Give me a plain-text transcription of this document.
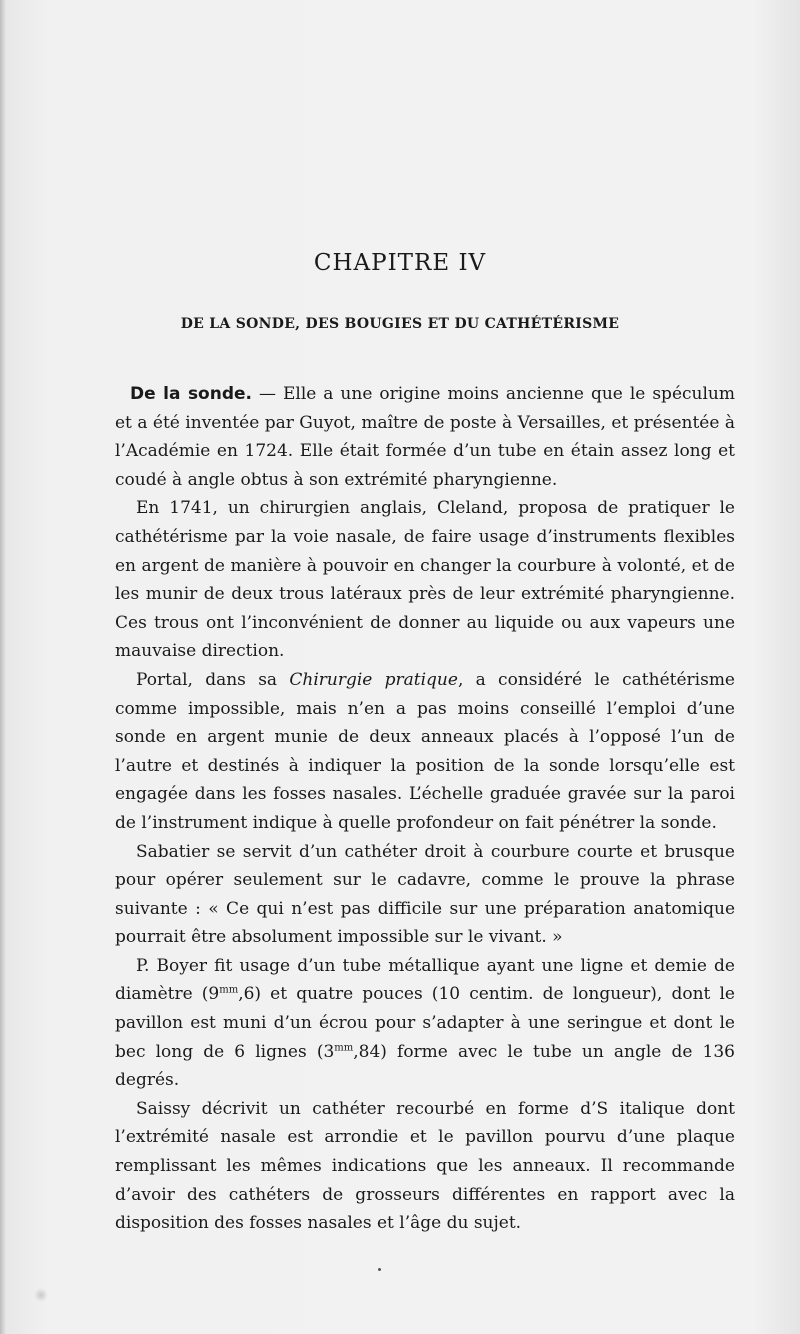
CHAPITRE IV
DE LA SONDE, DES BOUGIES ET DU CATHÉTÉRISME

De la sonde. — Elle a une origine moins ancienne que le spéculum et a été inventée par Guyot, maître de poste à Versailles, et présentée à l’Académie en 1724. Elle était formée d’un tube en étain assez long et coudé à angle obtus à son extrémité pharyngienne.

En 1741, un chirurgien anglais, Cleland, proposa de pratiquer le cathétérisme par la voie nasale, de faire usage d’instruments flexibles en argent de manière à pouvoir en changer la courbure à volonté, et de les munir de deux trous latéraux près de leur extrémité pharyngienne. Ces trous ont l’inconvénient de donner au liquide ou aux vapeurs une mauvaise direction.

Portal, dans sa Chirurgie pratique, a considéré le cathétérisme comme impossible, mais n’en a pas moins conseillé l’emploi d’une sonde en argent munie de deux anneaux placés à l’opposé l’un de l’autre et destinés à indiquer la position de la sonde lorsqu’elle est engagée dans les fosses nasales. L’échelle graduée gravée sur la paroi de l’instrument indique à quelle profondeur on fait pénétrer la sonde.

Sabatier se servit d’un cathéter droit à courbure courte et brusque pour opérer seulement sur le cadavre, comme le prouve la phrase suivante : « Ce qui n’est pas difficile sur une préparation anatomique pourrait être absolument impossible sur le vivant. »

P. Boyer fit usage d’un tube métallique ayant une ligne et demie de diamètre $(9^{mm},6)$ et quatre pouces (10 centim. de longueur), dont le pavillon est muni d’un écrou pour s’adapter à une seringue et dont le bec long de 6 lignes $(3^{mm},84)$ forme avec le tube un angle de 136 degrés.

Saissy décrivit un cathéter recourbé en forme d’S italique dont l’extrémité nasale est arrondie et le pavillon pourvu d’une plaque remplissant les mêmes indications que les anneaux. Il recommande d’avoir des cathéters de grosseurs différentes en rapport avec la disposition des fosses nasales et l’âge du sujet.
